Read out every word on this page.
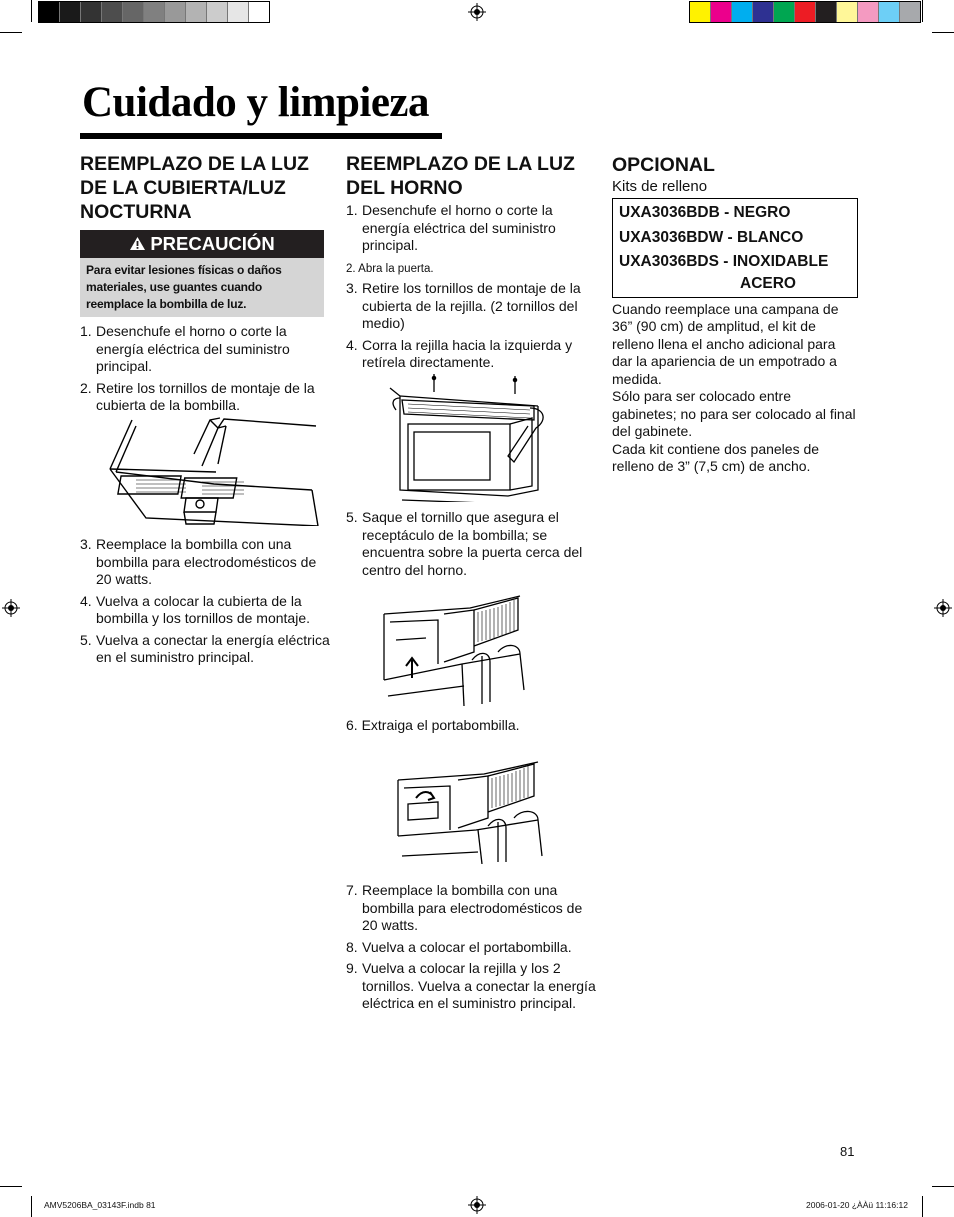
Cuidado y limpieza

REEMPLAZO DE LA LUZ
DE LA CUBIERTA/LUZ
NOCTURNA

PRECAUCIÓN
Para evitar lesiones físicas o daños materiales, use guantes cuando reemplace la bombilla de luz.
1. Desenchufe el horno o corte la energía eléctrica del suministro principal.
2. Retire los tornillos de montaje de la cubierta de la bombilla.
3. Reemplace la bombilla con una bombilla para electrodomésticos de 20 watts.
4. Vuelva a colocar la cubierta de la bombilla y los tornillos de montaje.
5. Vuelva a conectar la energía eléctrica en el suministro principal.

REEMPLAZO DE LA LUZ
DEL HORNO

1. Desenchufe el horno o corte la energía eléctrica del suministro principal.
2. Abra la puerta.
3. Retire los tornillos de montaje de la cubierta de la rejilla. (2 tornillos del medio)
4. Corra la rejilla hacia la izquierda y retírela directamente.
5. Saque el tornillo que asegura el receptáculo de la bombilla; se encuentra sobre la puerta cerca del centro del horno.
6. Extraiga el portabombilla.
7. Reemplace la bombilla con una bombilla para electrodomésticos de 20 watts.
8. Vuelva a colocar el portabombilla.
9. Vuelva a colocar la rejilla y los 2 tornillos. Vuelva a conectar la energía eléctrica en el suministro principal.

OPCIONAL

Kits de relleno
UXA3036BDB - NEGRO
UXA3036BDW - BLANCO
UXA3036BDS - INOXIDABLE
ACERO
Cuando reemplace una campana de 36” (90 cm) de amplitud, el kit de relleno llena el ancho adicional para dar la apariencia de un empotrado a medida.
Sólo para ser colocado entre gabinetes; no para ser colocado al final del gabinete.
Cada kit contiene dos paneles de relleno de 3” (7,5 cm) de ancho.
81
AMV5206BA_03143F.indb 81	2006-01-20 ¿ÀÀü 11:16:12
